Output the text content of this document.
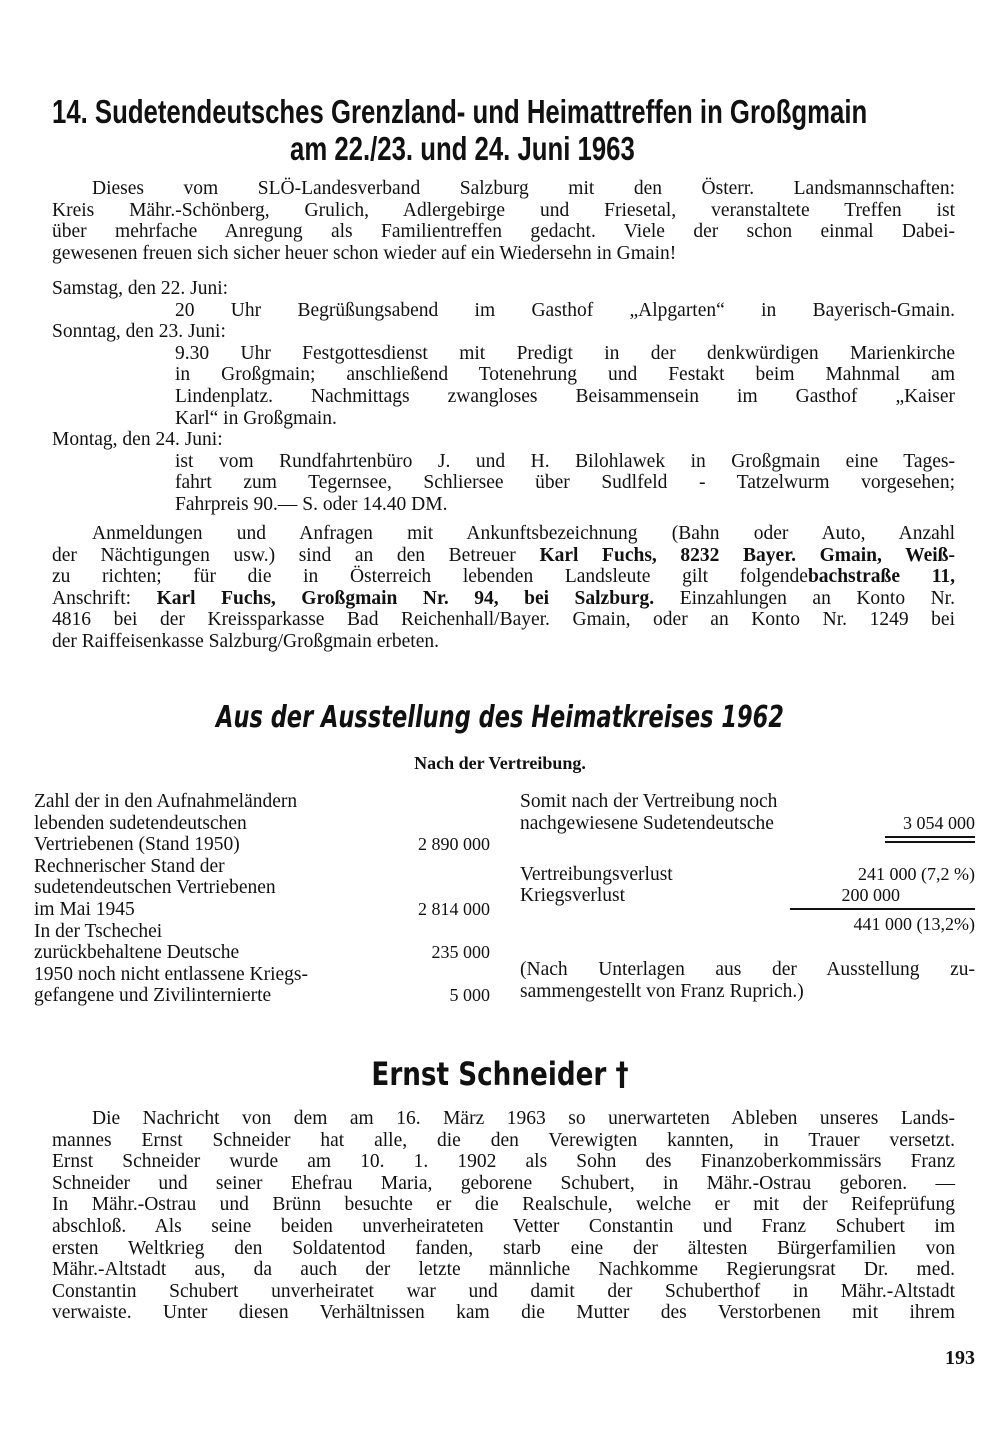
14. Sudetendeutsches Grenzland- und Heimattreffen in Großgmain
am 22./23. und 24. Juni 1963
Dieses vom SLÖ-Landesverband Salzburg mit den Österr. Landsmannschaften:
Kreis Mähr.-Schönberg, Grulich, Adlergebirge und Friesetal, veranstaltete Treffen ist
über mehrfache Anregung als Familientreffen gedacht. Viele der schon einmal Dabei-
gewesenen freuen sich sicher heuer schon wieder auf ein Wiedersehn in Gmain!
Samstag, den 22. Juni:
20 Uhr Begrüßungsabend im Gasthof „Alpgarten“ in Bayerisch-Gmain.
Sonntag, den 23. Juni:
9.30 Uhr Festgottesdienst mit Predigt in der denkwürdigen Marienkirche
in Großgmain; anschließend Totenehrung und Festakt beim Mahnmal am
Lindenplatz. Nachmittags zwangloses Beisammensein im Gasthof „Kaiser
Karl“ in Großgmain.
Montag, den 24. Juni:
ist vom Rundfahrtenbüro J. und H. Bilohlawek in Großgmain eine Tages-
fahrt zum Tegernsee, Schliersee über Sudlfeld - Tatzelwurm vorgesehen;
Fahrpreis 90.— S. oder 14.40 DM.
Anmeldungen und Anfragen mit Ankunftsbezeichnung (Bahn oder Auto, Anzahl
der Nächtigungen usw.) sind an den Betreuer Karl Fuchs, 8232 Bayer. Gmain, Weiß-
zu richten; für die in Österreich lebenden Landsleute gilt folgendebachstraße 11,
Anschrift: Karl Fuchs, Großgmain Nr. 94, bei Salzburg. Einzahlungen an Konto Nr.
4816 bei der Kreissparkasse Bad Reichenhall/Bayer. Gmain, oder an Konto Nr. 1249 bei
der Raiffeisenkasse Salzburg/Großgmain erbeten.
Aus der Ausstellung des Heimatkreises 1962
Nach der Vertreibung.
Zahl der in den Aufnahmeländern
lebenden sudetendeutschen
Vertriebenen (Stand 1950)	2 890 000
Rechnerischer Stand der
sudetendeutschen Vertriebenen
im Mai 1945	2 814 000
In der Tschechei
zurückbehaltene Deutsche	235 000
1950 noch nicht entlassene Kriegs-
gefangene und Zivilinternierte	5 000
Somit nach der Vertreibung noch
nachgewiesene Sudetendeutsche	3 054 000
Vertreibungsverlust	241 000 (7,2 %)
Kriegsverlust	200 000
441 000 (13,2%)
(Nach Unterlagen aus der Ausstellung zu-
sammengestellt von Franz Ruprich.)
Ernst Schneider †
Die Nachricht von dem am 16. März 1963 so unerwarteten Ableben unseres Lands-
mannes Ernst Schneider hat alle, die den Verewigten kannten, in Trauer versetzt.
Ernst Schneider wurde am 10. 1. 1902 als Sohn des Finanzoberkommissärs Franz
Schneider und seiner Ehefrau Maria, geborene Schubert, in Mähr.-Ostrau geboren. —
In Mähr.-Ostrau und Brünn besuchte er die Realschule, welche er mit der Reifeprüfung
abschloß. Als seine beiden unverheirateten Vetter Constantin und Franz Schubert im
ersten Weltkrieg den Soldatentod fanden, starb eine der ältesten Bürgerfamilien von
Mähr.-Altstadt aus, da auch der letzte männliche Nachkomme Regierungsrat Dr. med.
Constantin Schubert unverheiratet war und damit der Schuberthof in Mähr.-Altstadt
verwaiste. Unter diesen Verhältnissen kam die Mutter des Verstorbenen mit ihrem
193
